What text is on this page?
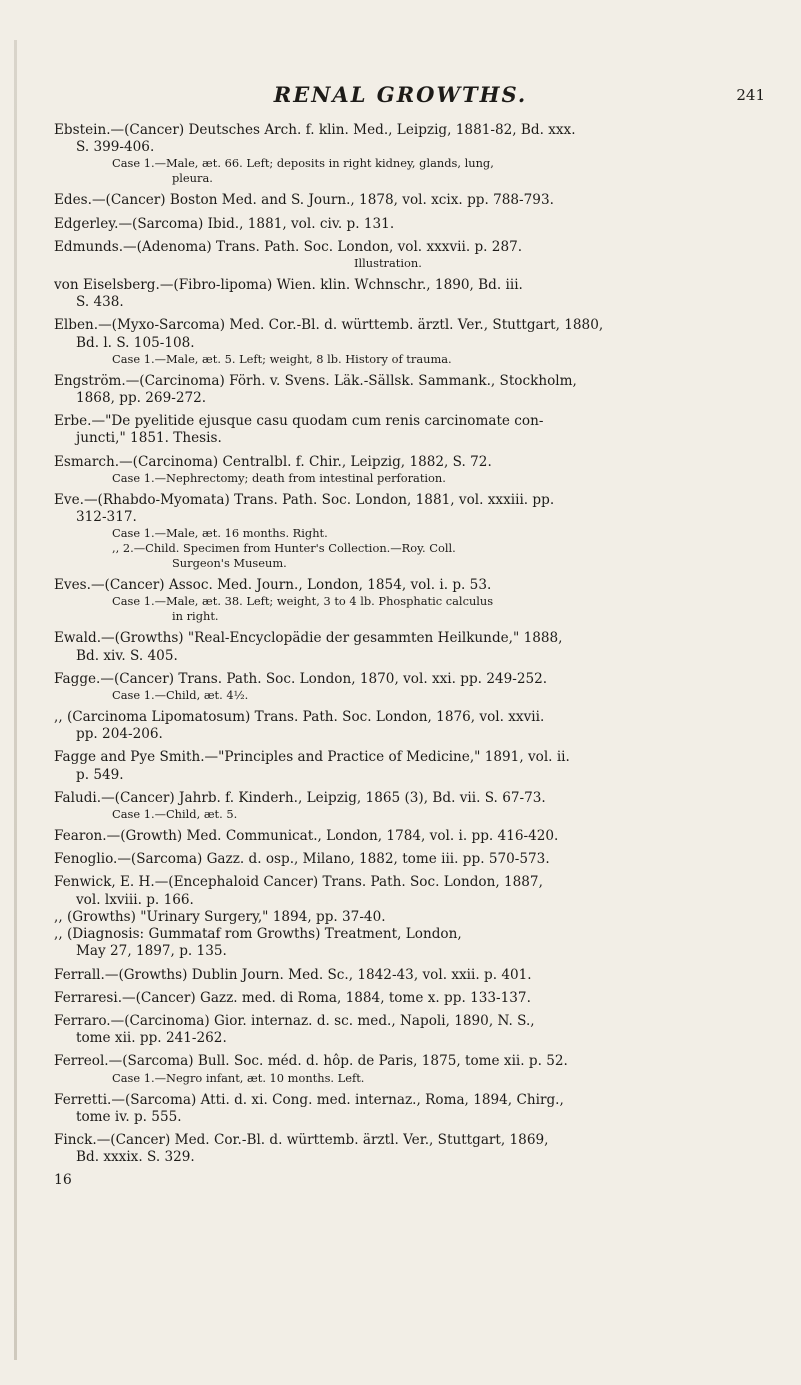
RENAL GROWTHS.	241
Ebstein.—(Cancer) Deutsches Arch. f. klin. Med., Leipzig, 1881-82, Bd. xxx.
S. 399-406.
Case 1.—Male, æt. 66. Left; deposits in right kidney, glands, lung,
pleura.
Edes.—(Cancer) Boston Med. and S. Journ., 1878, vol. xcix. pp. 788-793.
Edgerley.—(Sarcoma) Ibid., 1881, vol. civ. p. 131.
Edmunds.—(Adenoma) Trans. Path. Soc. London, vol. xxxvii. p. 287.
Illustration.
von Eiselsberg.—(Fibro-lipoma) Wien. klin. Wchnschr., 1890, Bd. iii.
S. 438.
Elben.—(Myxo-Sarcoma) Med. Cor.-Bl. d. württemb. ärztl. Ver., Stuttgart, 1880,
Bd. l. S. 105-108.
Case 1.—Male, æt. 5. Left; weight, 8 lb. History of trauma.
Engström.—(Carcinoma) Förh. v. Svens. Läk.-Sällsk. Sammank., Stockholm,
1868, pp. 269-272.
Erbe.—"De pyelitide ejusque casu quodam cum renis carcinomate con-
juncti," 1851. Thesis.
Esmarch.—(Carcinoma) Centralbl. f. Chir., Leipzig, 1882, S. 72.
Case 1.—Nephrectomy; death from intestinal perforation.
Eve.—(Rhabdo-Myomata) Trans. Path. Soc. London, 1881, vol. xxxiii. pp.
312-317.
Case 1.—Male, æt. 16 months. Right.
,, 2.—Child. Specimen from Hunter's Collection.—Roy. Coll.
Surgeon's Museum.
Eves.—(Cancer) Assoc. Med. Journ., London, 1854, vol. i. p. 53.
Case 1.—Male, æt. 38. Left; weight, 3 to 4 lb. Phosphatic calculus
in right.
Ewald.—(Growths) "Real-Encyclopädie der gesammten Heilkunde," 1888,
Bd. xiv. S. 405.
Fagge.—(Cancer) Trans. Path. Soc. London, 1870, vol. xxi. pp. 249-252.
Case 1.—Child, æt. 4½.
,, (Carcinoma Lipomatosum) Trans. Path. Soc. London, 1876, vol. xxvii.
pp. 204-206.
Fagge and Pye Smith.—"Principles and Practice of Medicine," 1891, vol. ii.
p. 549.
Faludi.—(Cancer) Jahrb. f. Kinderh., Leipzig, 1865 (3), Bd. vii. S. 67-73.
Case 1.—Child, æt. 5.
Fearon.—(Growth) Med. Communicat., London, 1784, vol. i. pp. 416-420.
Fenoglio.—(Sarcoma) Gazz. d. osp., Milano, 1882, tome iii. pp. 570-573.
Fenwick, E. H.—(Encephaloid Cancer) Trans. Path. Soc. London, 1887,
vol. lxviii. p. 166.
,, (Growths) "Urinary Surgery," 1894, pp. 37-40.
,, (Diagnosis: Gummataf rom Growths) Treatment, London,
May 27, 1897, p. 135.
Ferrall.—(Growths) Dublin Journ. Med. Sc., 1842-43, vol. xxii. p. 401.
Ferraresi.—(Cancer) Gazz. med. di Roma, 1884, tome x. pp. 133-137.
Ferraro.—(Carcinoma) Gior. internaz. d. sc. med., Napoli, 1890, N. S.,
tome xii. pp. 241-262.
Ferreol.—(Sarcoma) Bull. Soc. méd. d. hôp. de Paris, 1875, tome xii. p. 52.
Case 1.—Negro infant, æt. 10 months. Left.
Ferretti.—(Sarcoma) Atti. d. xi. Cong. med. internaz., Roma, 1894, Chirg.,
tome iv. p. 555.
Finck.—(Cancer) Med. Cor.-Bl. d. württemb. ärztl. Ver., Stuttgart, 1869,
Bd. xxxix. S. 329.
16
